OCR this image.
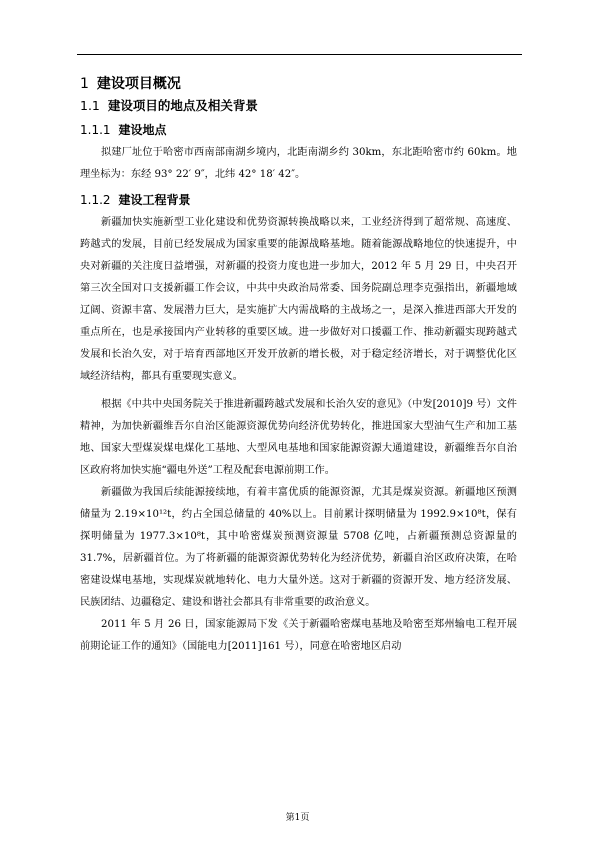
1 建设项目概况
1.1 建设项目的地点及相关背景
1.1.1 建设地点

拟建厂址位于哈密市西南部南湖乡境内，北距南湖乡约 30km，东北距哈密市约 60km。地理坐标为：东经 93° 22′ 9″，北纬 42° 18′ 42″。

1.1.2 建设工程背景

新疆加快实施新型工业化建设和优势资源转换战略以来，工业经济得到了超常规、高速度、跨越式的发展，目前已经发展成为国家重要的能源战略基地。随着能源战略地位的快速提升，中央对新疆的关注度日益增强，对新疆的投资力度也进一步加大，2012 年 5 月 29 日，中央召开第三次全国对口支援新疆工作会议，中共中央政治局常委、国务院副总理李克强指出，新疆地域辽阔、资源丰富、发展潜力巨大，是实施扩大内需战略的主战场之一，是深入推进西部大开发的重点所在，也是承接国内产业转移的重要区域。进一步做好对口援疆工作、推动新疆实现跨越式发展和长治久安，对于培育西部地区开发开放新的增长极，对于稳定经济增长，对于调整优化区域经济结构，都具有重要现实意义。

根据《中共中央国务院关于推进新疆跨越式发展和长治久安的意见》（中发[2010]9 号）文件精神，为加快新疆维吾尔自治区能源资源优势向经济优势转化，推进国家大型油气生产和加工基地、国家大型煤炭煤电煤化工基地、大型风电基地和国家能源资源大通道建设，新疆维吾尔自治区政府将加快实施“疆电外送”工程及配套电源前期工作。

新疆做为我国后续能源接续地，有着丰富优质的能源资源，尤其是煤炭资源。新疆地区预测储量为 2.19×10¹²t，约占全国总储量的 40%以上。目前累计探明储量为 1992.9×10⁸t，保有探明储量为 1977.3×10⁸t，其中哈密煤炭预测资源量 5708 亿吨，占新疆预测总资源量的 31.7%，居新疆首位。为了将新疆的能源资源优势转化为经济优势，新疆自治区政府决策，在哈密建设煤电基地，实现煤炭就地转化、电力大量外送。这对于新疆的资源开发、地方经济发展、民族团结、边疆稳定、建设和谐社会都具有非常重要的政治意义。

2011 年 5 月 26 日，国家能源局下发《关于新疆哈密煤电基地及哈密至郑州输电工程开展前期论证工作的通知》（国能电力[2011]161 号），同意在哈密地区启动

第1页
